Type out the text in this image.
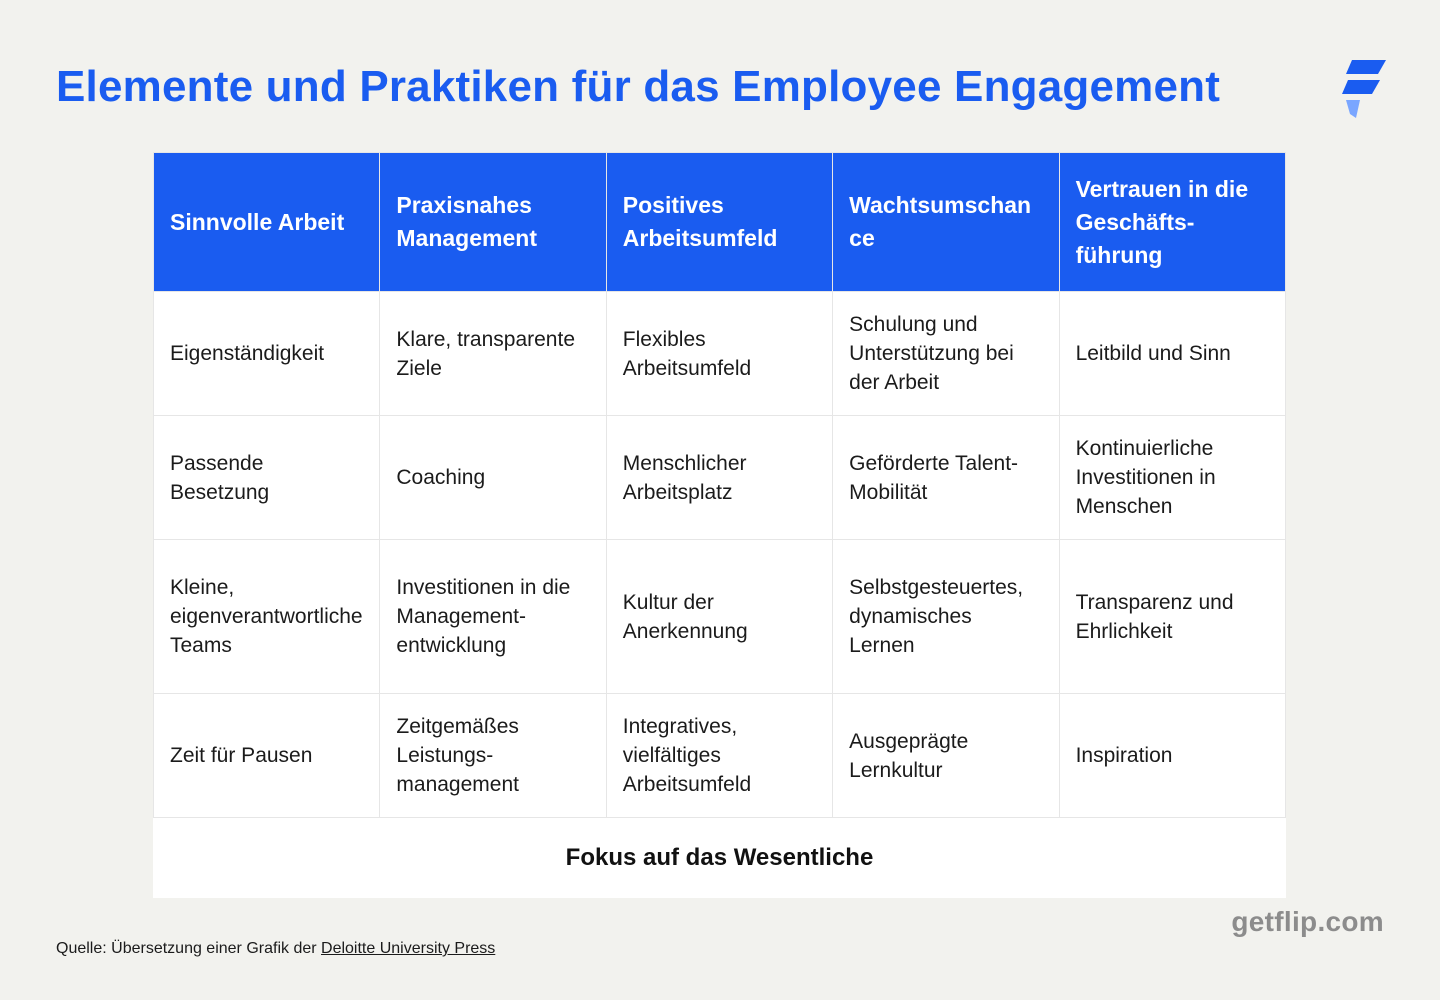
Elemente und Praktiken für das Employee Engagement
Sinnvolle Arbeit	Praxisnahes Management	Positives Arbeitsumfeld	Wachtsumschance	Vertrauen in die Geschäftsführung
Eigenständigkeit	Klare, transparente Ziele	Flexibles Arbeitsumfeld	Schulung und Unterstützung bei der Arbeit	Leitbild und Sinn
Passende Besetzung	Coaching	Menschlicher Arbeitsplatz	Geförderte Talent-Mobilität	Kontinuierliche Investitionen in Menschen
Kleine, eigenverantwortliche Teams	Investitionen in die Managemententwicklung	Kultur der Anerkennung	Selbstgesteuertes, dynamisches Lernen	Transparenz und Ehrlichkeit
Zeit für Pausen	Zeitgemäßes Leistungsmanagement	Integratives, vielfältiges Arbeitsumfeld	Ausgeprägte Lernkultur	Inspiration
Fokus auf das Wesentliche				
Quelle: Übersetzung einer Grafik der Deloitte University Press
getflip.com
